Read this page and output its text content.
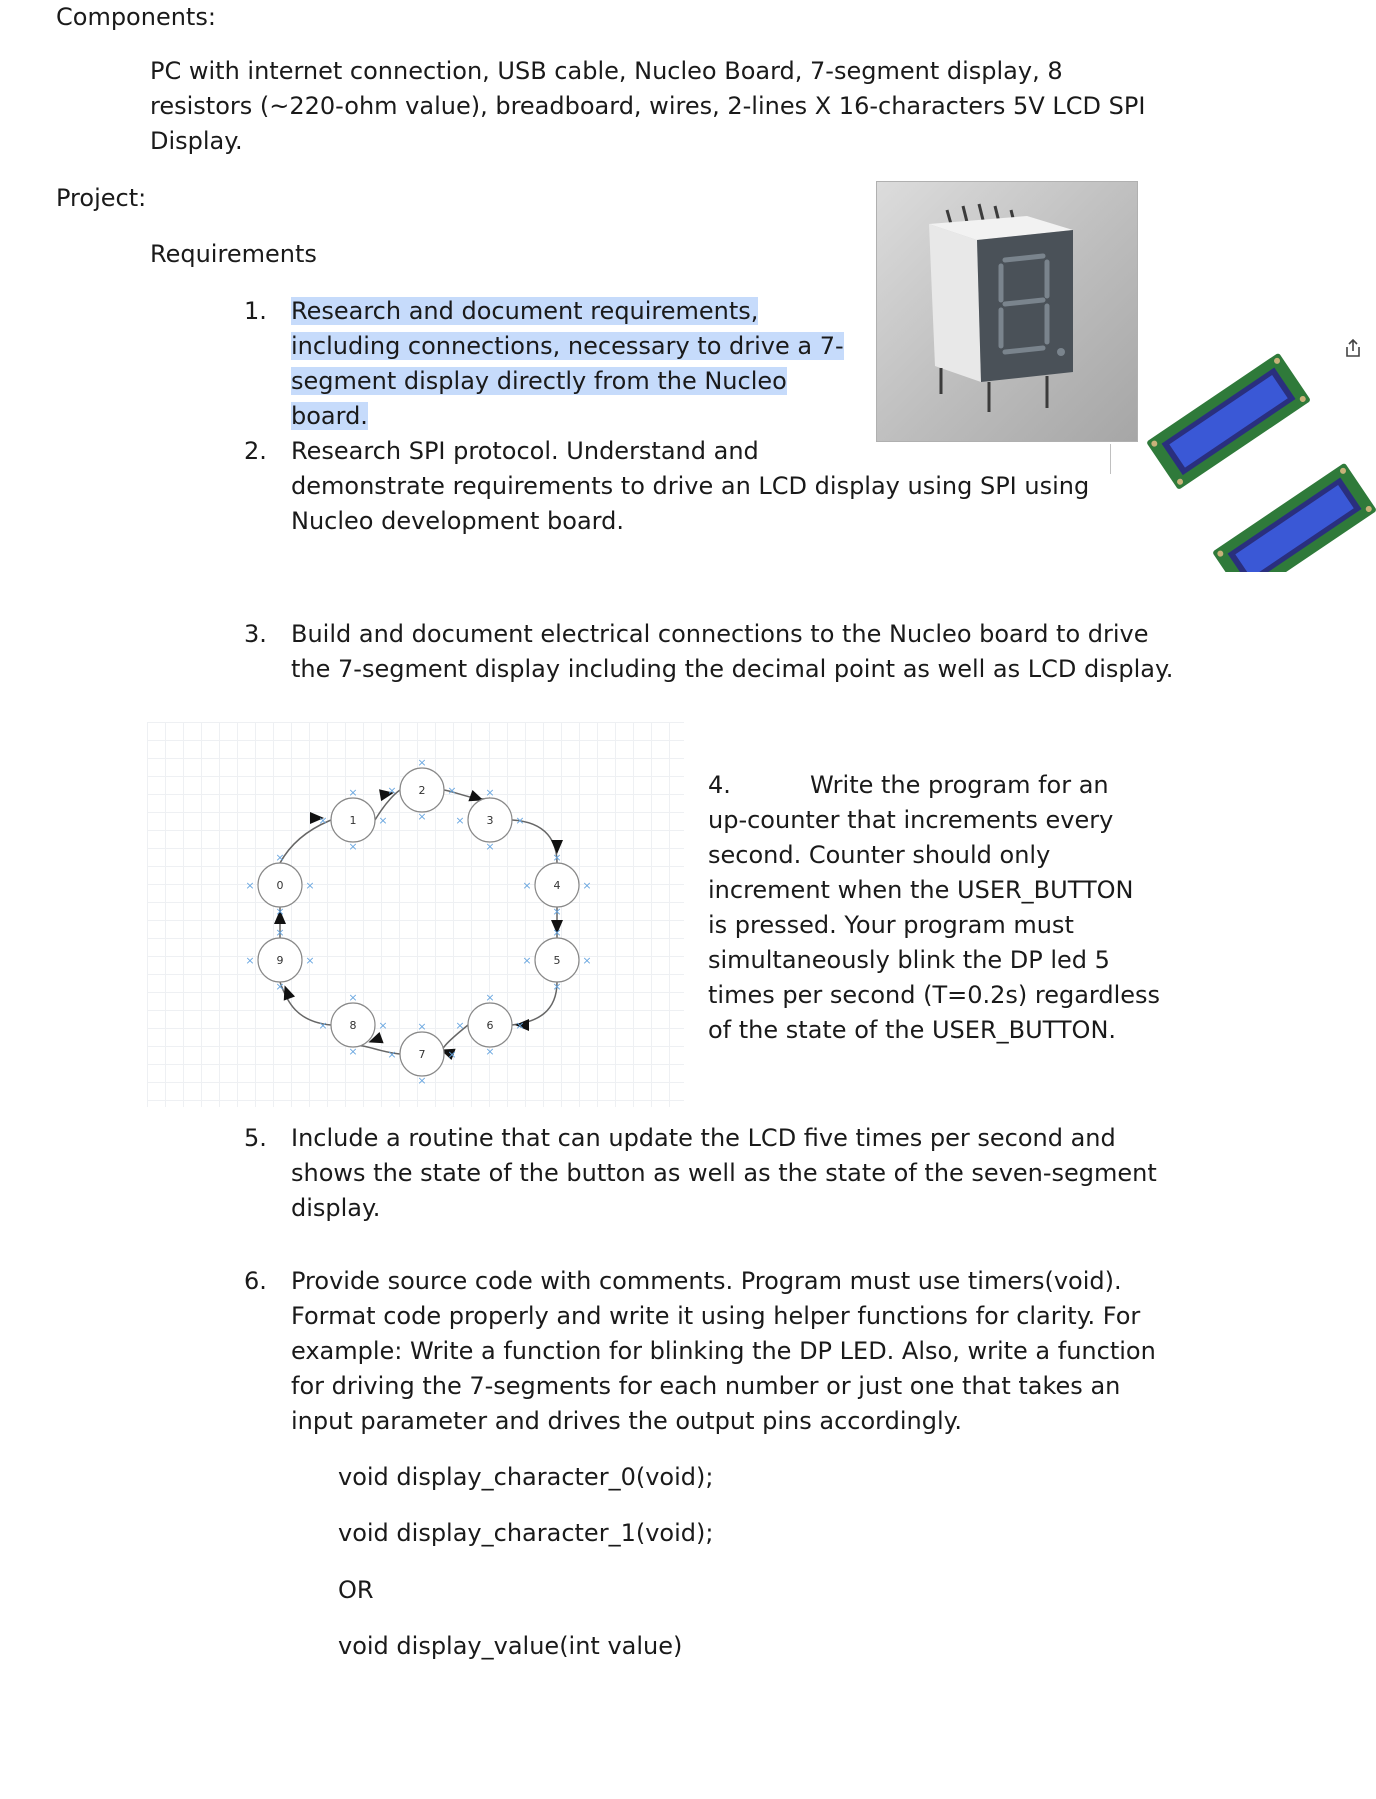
Components:
PC with internet connection, USB cable, Nucleo Board, 7-segment display, 8
resistors (~220-ohm value), breadboard, wires, 2-lines X 16-characters 5V LCD SPI
Display.
Project:
Requirements
1.	Research and document requirements,
including connections, necessary to drive a 7-
segment display directly from the Nucleo
board.
2.	Research SPI protocol. Understand and
demonstrate requirements to drive an LCD display using SPI using
Nucleo development board.
8.
3.	Build and document electrical connections to the Nucleo board to drive
the 7-segment display including the decimal point as well as LCD display.
×
×
×
× 0
×
×
×
× 1
×
×
×
× 2	×
×
×
× 3
×
×
×
× 4
×
×
×
× 5
×
×
×
× 6
×
×
×
× 7
×
×
×
× 8
×
×
×
× 9
4.	Write the program for an
up-counter that increments every
second. Counter should only
increment when the USER_BUTTON
is pressed. Your program must
simultaneously blink the DP led 5
times per second (T=0.2s) regardless
of the state of the USER_BUTTON.
5.	Include a routine that can update the LCD five times per second and
shows the state of the button as well as the state of the seven-segment
display.
6.	Provide source code with comments. Program must use timers(void).
Format code properly and write it using helper functions for clarity. For
example: Write a function for blinking the DP LED. Also, write a function
for driving the 7-segments for each number or just one that takes an
input parameter and drives the output pins accordingly.
void display_character_0(void);
void display_character_1(void);
OR
void display_value(int value)
